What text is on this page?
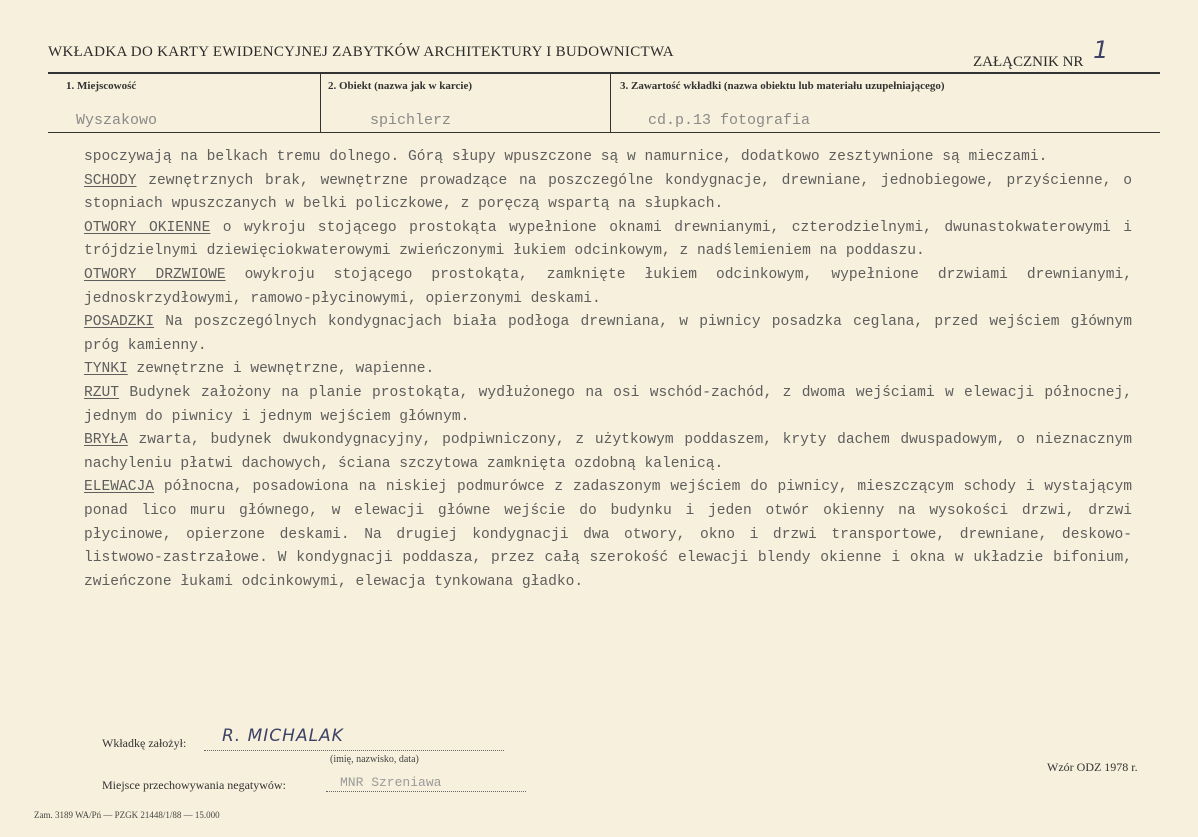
WKŁADKA DO KARTY EWIDENCYJNEJ ZABYTKÓW ARCHITEKTURY I BUDOWNICTWA
ZAŁĄCZNIK NR 1
1. Miejscowość
Wyszakowo
2. Obiekt (nazwa jak w karcie)
spichlerz
3. Zawartość wkładki (nazwa obiektu lub materiału uzupełniającego)
cd.p.13 fotografia

spoczywają na belkach tremu dolnego. Górą słupy wpuszczone są w namurnice, dodatkowo zesztywnione są mieczami.

SCHODY zewnętrznych brak, wewnętrzne prowadzące na poszczególne kondygnacje, drewniane, jednobiegowe, przyścienne, o stopniach wpuszczanych w belki policzkowe, z poręczą wspartą na słupkach.

OTWORY OKIENNE o wykroju stojącego prostokąta wypełnione oknami drewnianymi, czterodzielnymi, dwunastokwaterowymi i trójdzielnymi dziewięciokwaterowymi zwieńczonymi łukiem odcinkowym, z nadślemieniem na poddaszu.

OTWORY DRZWIOWE owykroju stojącego prostokąta, zamknięte łukiem odcinkowym, wypełnione drzwiami drewnianymi, jednoskrzydłowymi, ramowo-płycinowymi, opierzonymi deskami.

POSADZKI Na poszczególnych kondygnacjach biała podłoga drewniana, w piwnicy posadzka ceglana, przed wejściem głównym próg kamienny.

TYNKI zewnętrzne i wewnętrzne, wapienne.

RZUT Budynek założony na planie prostokąta, wydłużonego na osi wschód-zachód, z dwoma wejściami w elewacji północnej, jednym do piwnicy i jednym wejściem głównym.

BRYŁA zwarta, budynek dwukondygnacyjny, podpiwniczony, z użytkowym poddaszem, kryty dachem dwuspadowym, o nieznacznym nachyleniu płatwi dachowych, ściana szczytowa zamknięta ozdobną kalenicą.

ELEWACJA północna, posadowiona na niskiej podmurówce z zadaszonym wejściem do piwnicy, mieszczącym schody i wystającym ponad lico muru głównego, w elewacji główne wejście do budynku i jeden otwór okienny na wysokości drzwi, drzwi płycinowe, opierzone deskami. Na drugiej kondygnacji dwa otwory, okno i drzwi transportowe, drewniane, deskowo-listwowo-zastrzałowe. W kondygnacji poddasza, przez całą szerokość elewacji blendy okienne i okna w układzie bifonium, zwieńczone łukami odcinkowymi, elewacja tynkowana gładko.

Wkładkę założył: R. MICHALAK
(imię, nazwisko, data)
Wzór ODZ 1978 r.
Miejsce przechowywania negatywów:	MNR Szreniawa
Zam. 3189 WA/Pń — PZGK 21448/1/88 — 15.000
